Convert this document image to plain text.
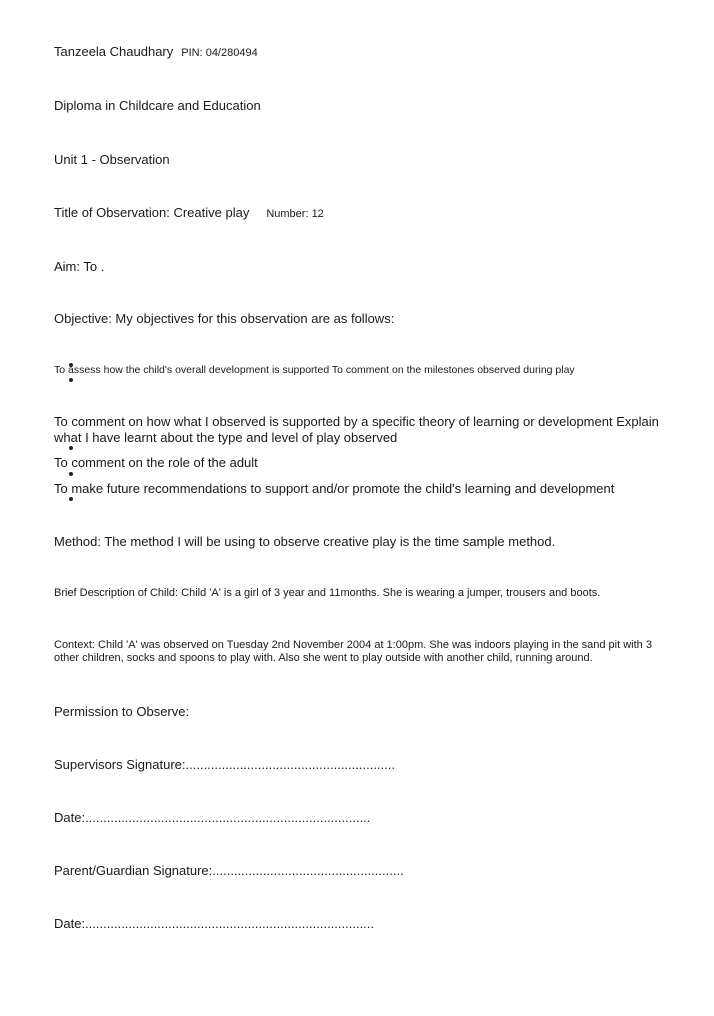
Tanzeela Chaudhary PIN: 04/280494
Diploma in Childcare and Education
Unit 1 - Observation
Title of Observation: Creative play Number: 12
Aim: To .
Objective: My objectives for this observation are as follows:
To assess how the child's overall development is supported To comment on the milestones observed during play
To comment on how what I observed is supported by a specific theory of learning or development Explain what I have learnt about the type and level of play observed
To comment on the role of the adult
To make future recommendations to support and/or promote the child's learning and development
Method: The method I will be using to observe creative play is the time sample method.
Brief Description of Child: Child 'A' is a girl of 3 year and 11months. She is wearing a jumper, trousers and boots.
Context: Child 'A' was observed on Tuesday 2nd November 2004 at 1:00pm. She was indoors playing in the sand pit with 3 other children, socks and spoons to play with. Also she went to play outside with another child, running around.
Permission to Observe:
Supervisors Signature:..........................................................
Date:...............................................................................
Parent/Guardian Signature:.....................................................
Date:................................................................................
